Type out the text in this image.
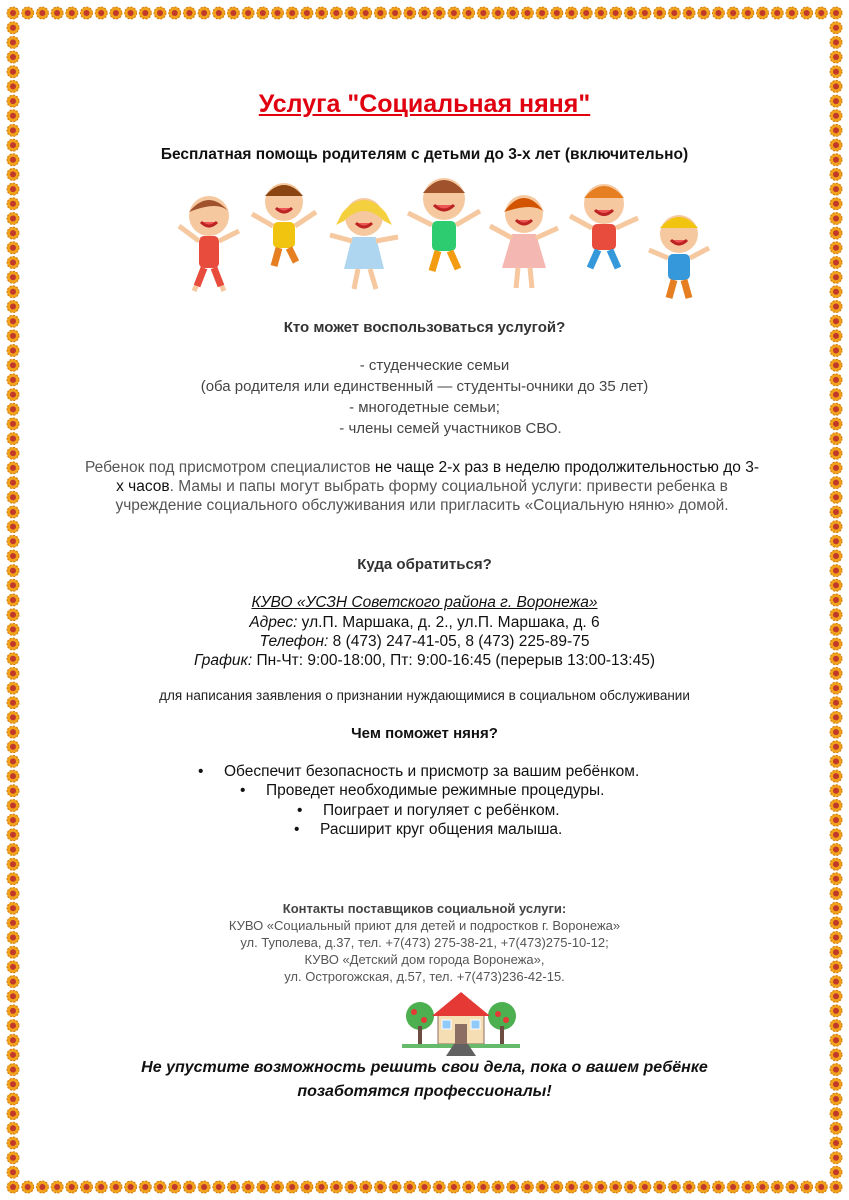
Услуга "Социальная няня"
Бесплатная помощь родителям с детьми до 3-х лет (включительно)
Кто может воспользоваться услугой?
- студенческие семьи
(оба родителя или единственный — студенты-очники до 35 лет)
- многодетные семьи;
- члены семей участников СВО.
Ребенок под присмотром специалистов не чаще 2-х раз в неделю продолжительностью до 3-х часов. Мамы и папы могут выбрать форму социальной услуги: привести ребенка в учреждение социального обслуживания или пригласить «Социальную няню» домой.
Куда обратиться?
КУВО «УСЗН Советского района г. Воронежа»
Адрес: ул.П. Маршака, д. 2., ул.П. Маршака, д. 6
Телефон: 8 (473) 247-41-05, 8 (473) 225-89-75
График: Пн-Чт: 9:00-18:00, Пт: 9:00-16:45 (перерыв 13:00-13:45)
для написания заявления о признании нуждающимися в социальном обслуживании
Чем поможет няня?
• Обеспечит безопасность и присмотр за вашим ребёнком.
• Проведет необходимые режимные процедуры.
• Поиграет и погуляет с ребёнком.
• Расширит круг общения малыша.
Контакты поставщиков социальной услуги:
КУВО «Социальный приют для детей и подростков г. Воронежа»
ул. Туполева, д.37, тел. +7(473) 275-38-21, +7(473)275-10-12;
КУВО «Детский дом города Воронежа»,
ул. Острогожская, д.57, тел. +7(473)236-42-15.
Не упустите возможность решить свои дела, пока о вашем ребёнке
позаботятся профессионалы!
